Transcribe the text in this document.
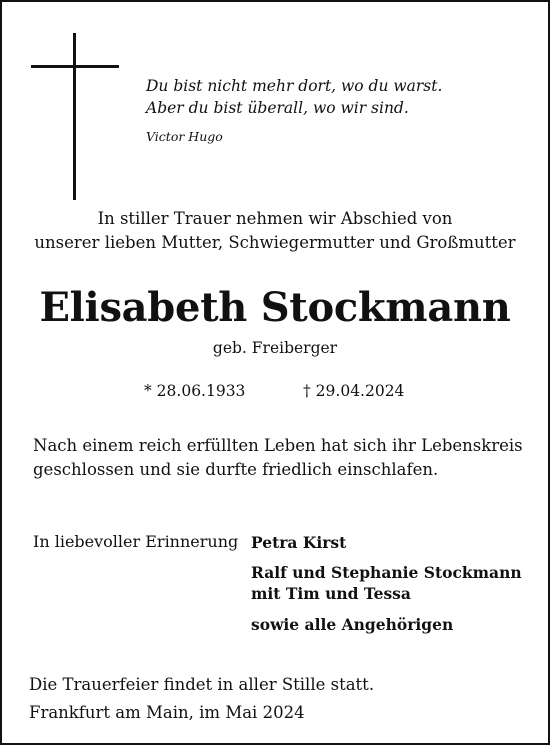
Du bist nicht mehr dort, wo du warst.
Aber du bist überall, wo wir sind.
Victor Hugo
In stiller Trauer nehmen wir Abschied von
unserer lieben Mutter, Schwiegermutter und Großmutter
Elisabeth Stockmann
geb. Freiberger
* 28.06.1933	† 29.04.2024
Nach einem reich erfüllten Leben hat sich ihr Lebenskreis
geschlossen und sie durfte friedlich einschlafen.
In liebevoller Erinnerung Petra Kirst
Ralf und Stephanie Stockmann
mit Tim und Tessa
sowie alle Angehörigen
Die Trauerfeier findet in aller Stille statt.
Frankfurt am Main, im Mai 2024
